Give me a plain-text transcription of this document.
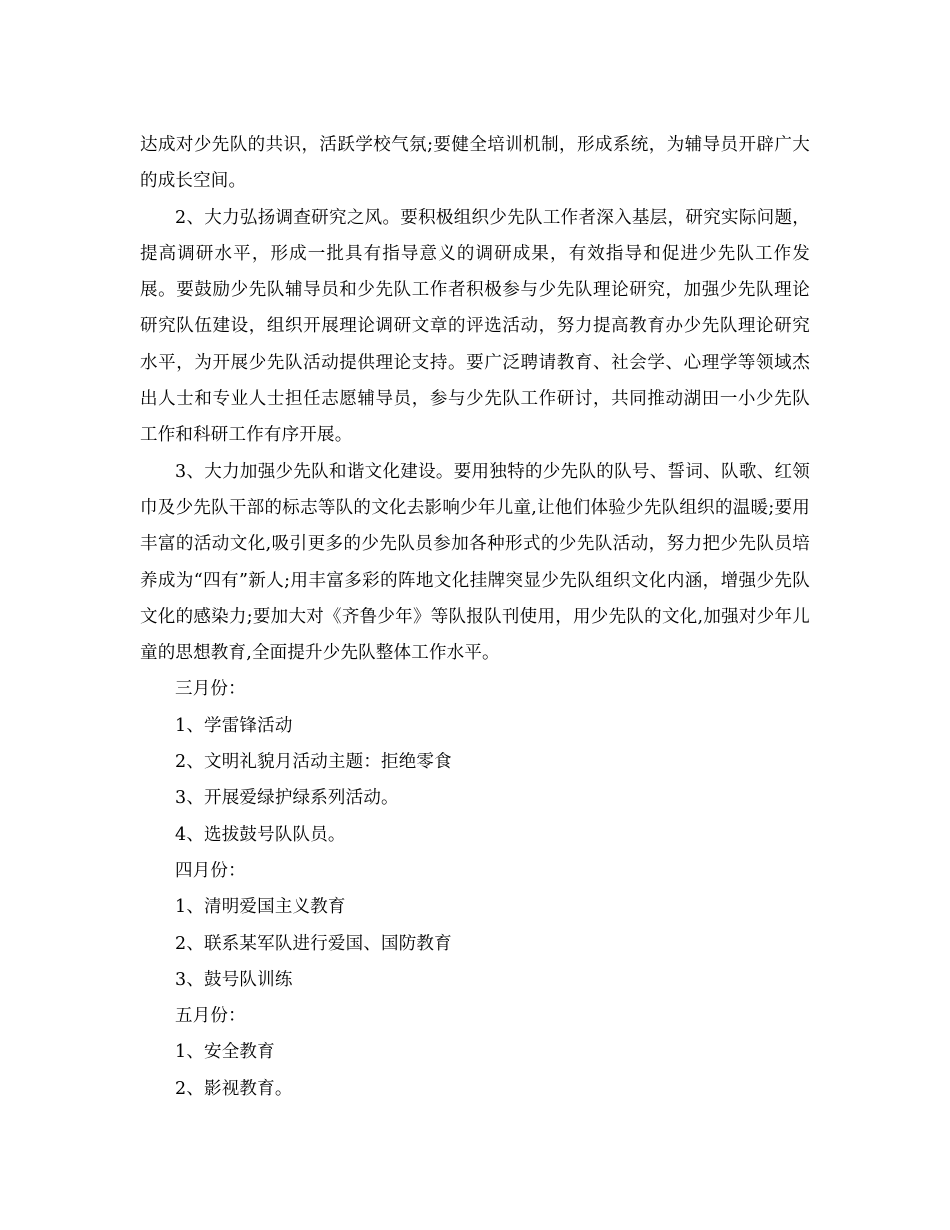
达成对少先队的共识，活跃学校气氛;要健全培训机制，形成系统，为辅导员开辟广大的成长空间。

2、大力弘扬调查研究之风。要积极组织少先队工作者深入基层，研究实际问题，提高调研水平，形成一批具有指导意义的调研成果，有效指导和促进少先队工作发展。要鼓励少先队辅导员和少先队工作者积极参与少先队理论研究，加强少先队理论研究队伍建设，组织开展理论调研文章的评选活动，努力提高教育办少先队理论研究水平，为开展少先队活动提供理论支持。要广泛聘请教育、社会学、心理学等领域杰出人士和专业人士担任志愿辅导员，参与少先队工作研讨，共同推动湖田一小少先队工作和科研工作有序开展。

3、大力加强少先队和谐文化建设。要用独特的少先队的队号、誓词、队歌、红领巾及少先队干部的标志等队的文化去影响少年儿童,让他们体验少先队组织的温暖;要用丰富的活动文化,吸引更多的少先队员参加各种形式的少先队活动，努力把少先队员培养成为“四有”新人;用丰富多彩的阵地文化挂牌突显少先队组织文化内涵，增强少先队文化的感染力;要加大对《齐鲁少年》等队报队刊使用，用少先队的文化,加强对少年儿童的思想教育,全面提升少先队整体工作水平。

三月份：

1、学雷锋活动

2、文明礼貌月活动主题：拒绝零食

3、开展爱绿护绿系列活动。

4、选拔鼓号队队员。

四月份：

1、清明爱国主义教育

2、联系某军队进行爱国、国防教育

3、鼓号队训练

五月份：

1、安全教育

2、影视教育。
